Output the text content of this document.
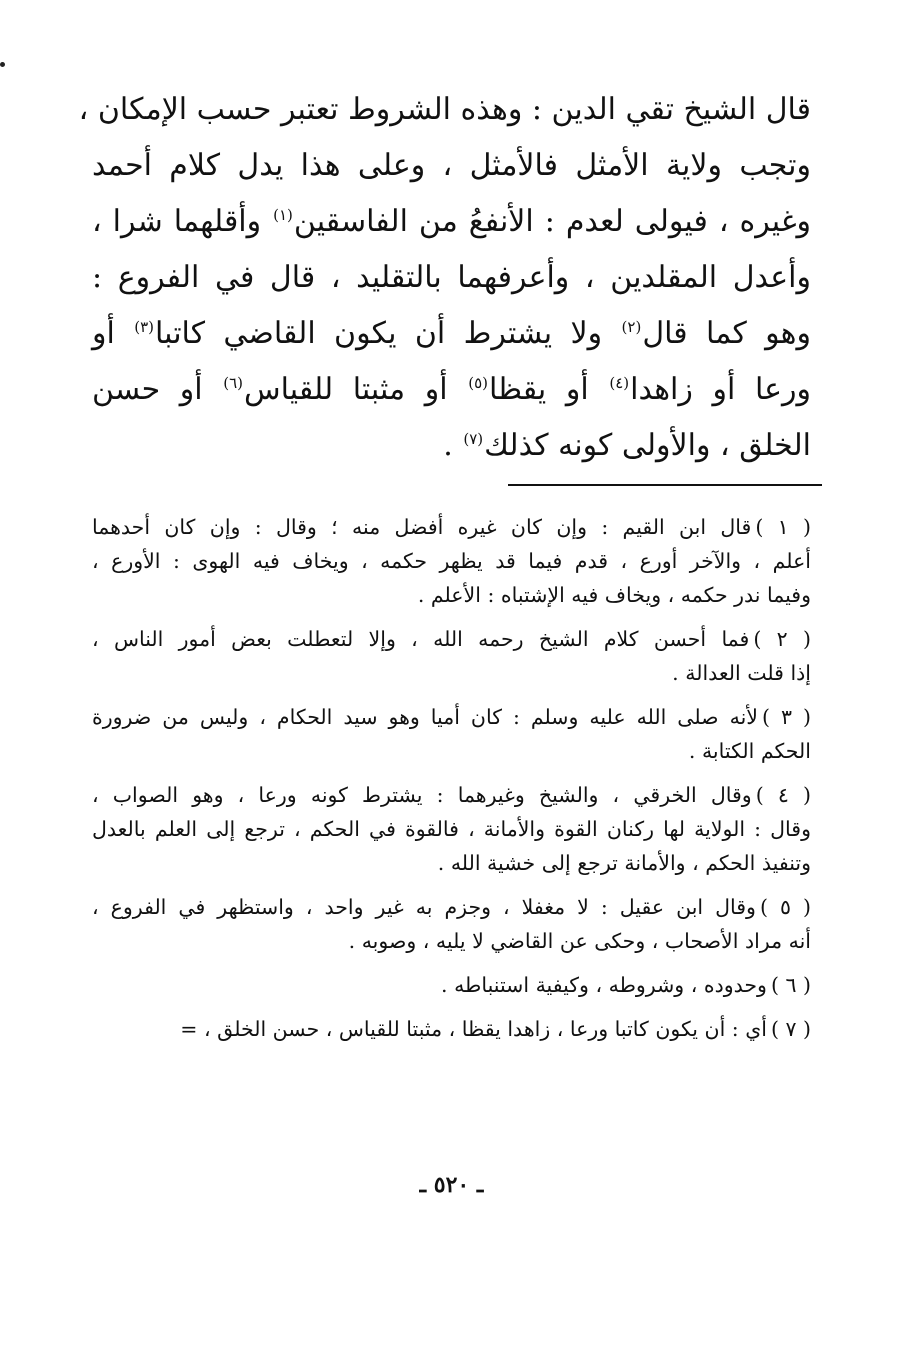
قال الشيخ تقي الدين : وهذه الشروط تعتبر حسب الإمكان ،
وتجب ولاية الأمثل فالأمثل ، وعلى هذا يدل كلام أحمد
وغيره ، فيولى لعدم : الأنفعُ من الفاسقين$^{(١)}$ وأقلهما شرا ،
وأعدل المقلدين ، وأعرفهما بالتقليد ، قال في الفروع :
وهو كما قال$^{(٢)}$ ولا يشترط أن يكون القاضي كاتبا$^{(٣)}$ أو
ورعا أو زاهدا$^{(٤)}$ أو يقظا$^{(٥)}$ أو مثبتا للقياس$^{(٦)}$ أو حسن
الخلق ، والأولى كونه كذلك$^{(٧)}$ .
( ١ )قال ابن القيم : وإن كان غيره أفضل منه ؛ وقال : وإن كان أحدهما
أعلم ، والآخر أورع ، قدم فيما قد يظهر حكمه ، ويخاف فيه الهوى : الأورع ،
وفيما ندر حكمه ، ويخاف فيه الإشتباه : الأعلم .
( ٢ )فما أحسن كلام الشيخ رحمه الله ، وإلا لتعطلت بعض أمور الناس ،
إذا قلت العدالة .
( ٣ )لأنه صلى الله عليه وسلم : كان أميا وهو سيد الحكام ، وليس من ضرورة
الحكم الكتابة .
( ٤ )وقال الخرقي ، والشيخ وغيرهما : يشترط كونه ورعا ، وهو الصواب ،
وقال : الولاية لها ركنان القوة والأمانة ، فالقوة في الحكم ، ترجع إلى العلم بالعدل
وتنفيذ الحكم ، والأمانة ترجع إلى خشية الله .
( ٥ )وقال ابن عقيل : لا مغفلا ، وجزم به غير واحد ، واستظهر في الفروع ،
أنه مراد الأصحاب ، وحكى عن القاضي لا يليه ، وصوبه .
( ٦ )وحدوده ، وشروطه ، وكيفية استنباطه .
( ٧ )أي : أن يكون كاتبا ورعا ، زاهدا يقظا ، مثبتا للقياس ، حسن الخلق ، =
ـ ٥٢٠ ـ
